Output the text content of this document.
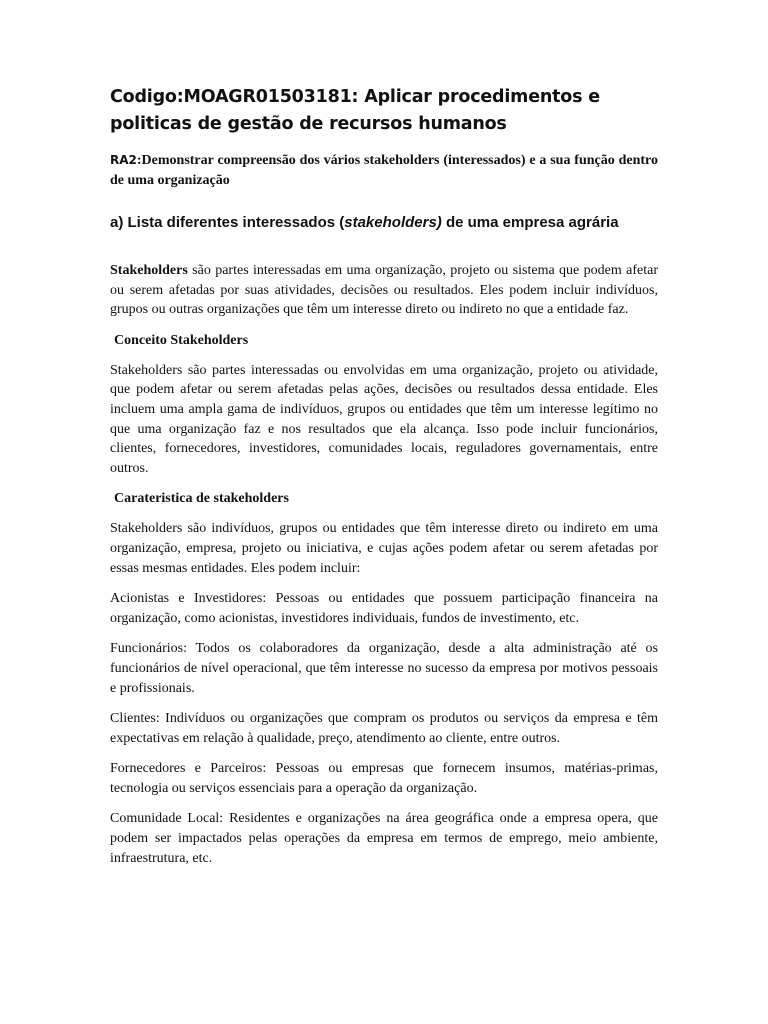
Codigo:MOAGR01503181: Aplicar procedimentos e politicas de gestão de recursos humanos

RA2:Demonstrar compreensão dos vários stakeholders (interessados) e a sua função dentro de uma organização

a) Lista diferentes interessados (stakeholders) de uma empresa agrária

Stakeholders são partes interessadas em uma organização, projeto ou sistema que podem afetar ou serem afetadas por suas atividades, decisões ou resultados. Eles podem incluir indivíduos, grupos ou outras organizações que têm um interesse direto ou indireto no que a entidade faz.

Conceito Stakeholders

Stakeholders são partes interessadas ou envolvidas em uma organização, projeto ou atividade, que podem afetar ou serem afetadas pelas ações, decisões ou resultados dessa entidade. Eles incluem uma ampla gama de indivíduos, grupos ou entidades que têm um interesse legítimo no que uma organização faz e nos resultados que ela alcança. Isso pode incluir funcionários, clientes, fornecedores, investidores, comunidades locais, reguladores governamentais, entre outros.

Carateristica de stakeholders

Stakeholders são indivíduos, grupos ou entidades que têm interesse direto ou indireto em uma organização, empresa, projeto ou iniciativa, e cujas ações podem afetar ou serem afetadas por essas mesmas entidades. Eles podem incluir:

Acionistas e Investidores: Pessoas ou entidades que possuem participação financeira na organização, como acionistas, investidores individuais, fundos de investimento, etc.

Funcionários: Todos os colaboradores da organização, desde a alta administração até os funcionários de nível operacional, que têm interesse no sucesso da empresa por motivos pessoais e profissionais.

Clientes: Indivíduos ou organizações que compram os produtos ou serviços da empresa e têm expectativas em relação à qualidade, preço, atendimento ao cliente, entre outros.

Fornecedores e Parceiros: Pessoas ou empresas que fornecem insumos, matérias-primas, tecnologia ou serviços essenciais para a operação da organização.

Comunidade Local: Residentes e organizações na área geográfica onde a empresa opera, que podem ser impactados pelas operações da empresa em termos de emprego, meio ambiente, infraestrutura, etc.
